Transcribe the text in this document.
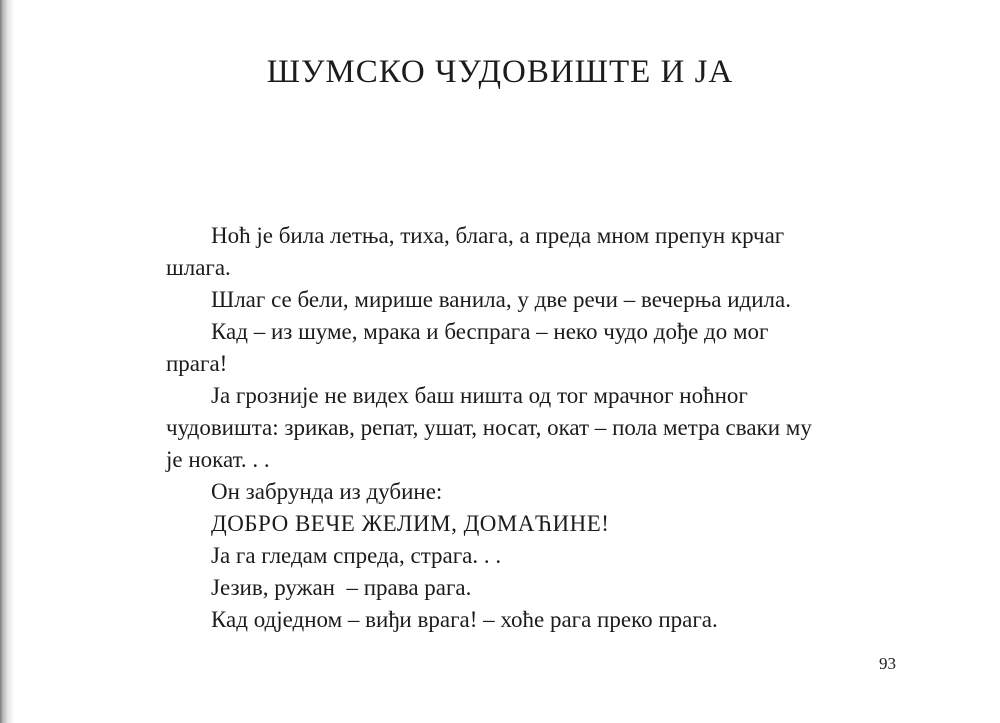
ШУМСКО ЧУДОВИШТЕ И ЈА

Ноћ је била летња, тиха, блага, а преда мном препун крчаг шлага.

Шлаг се бели, мирише ванила, у две речи – вечерња идила.

Кад – из шуме, мрака и беспрага – неко чудо дође до мог прага!

Ја грозније не видех баш ништа од тог мрачног ноћног чудовишта: зрикав, репат, ушат, носат, окат – пола метра сваки му је нокат. . .

Он забрунда из дубине:

ДОБРО ВЕЧЕ ЖЕЛИМ, ДОМАЋИНЕ!

Ја га гледам спреда, страга. . .

Језив, ружан  – права рага.

Кад одједном – виђи врага! – хоће рага преко прага.

93
